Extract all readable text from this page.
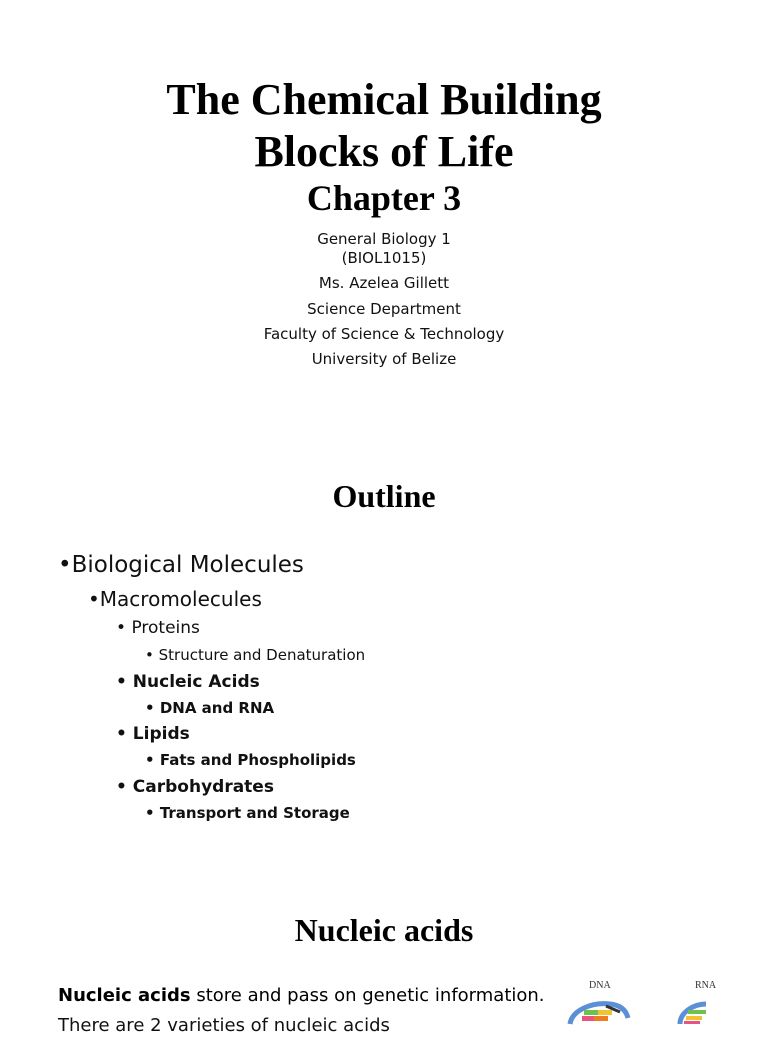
The Chemical Building
Blocks of Life
Chapter 3
General Biology 1
(BIOL1015)
Ms. Azelea Gillett
Science Department
Faculty of Science & Technology
University of Belize
Outline
•Biological Molecules
•Macromolecules
• Proteins
• Structure and Denaturation
• Nucleic Acids
• DNA and RNA
• Lipids
• Fats and Phospholipids
• Carbohydrates
• Transport and Storage
Nucleic acids
Nucleic acids store and pass on genetic information.
There are 2 varieties of nucleic acids
DNA	RNA
